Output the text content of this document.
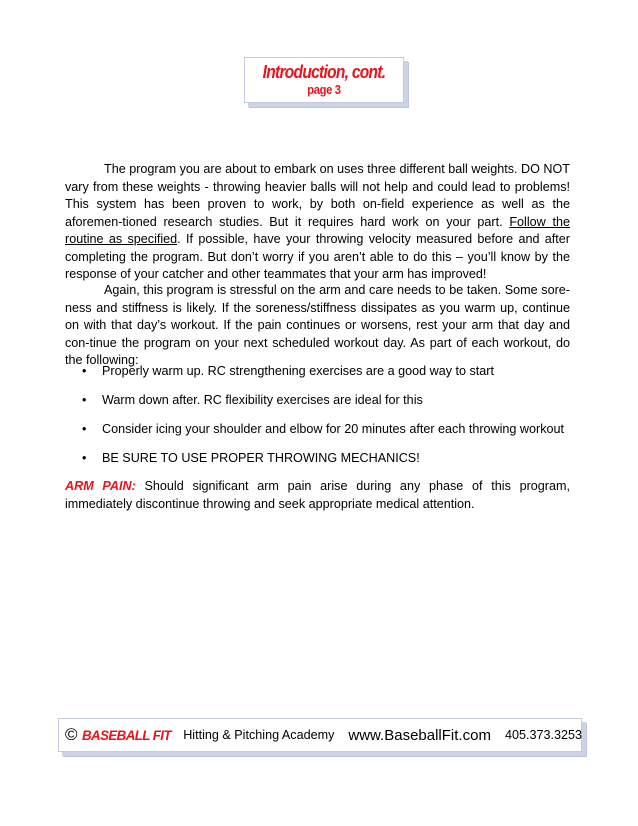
Introduction, cont.
page 3

The program you are about to embark on uses three different ball weights. DO NOT vary from these weights - throwing heavier balls will not help and could lead to problems! This system has been proven to work, by both on-field experience as well as the aforemen-tioned research studies. But it requires hard work on your part. Follow the routine as specified. If possible, have your throwing velocity measured before and after completing the program. But don’t worry if you aren’t able to do this – you’ll know by the response of your catcher and other teammates that your arm has improved!

Again, this program is stressful on the arm and care needs to be taken. Some sore-ness and stiffness is likely. If the soreness/stiffness dissipates as you warm up, continue on with that day’s workout. If the pain continues or worsens, rest your arm that day and con-tinue the program on your next scheduled workout day. As part of each workout, do the following:

•	Properly warm up. RC strengthening exercises are a good way to start
•	Warm down after. RC flexibility exercises are ideal for this
•	Consider icing your shoulder and elbow for 20 minutes after each throwing workout
•	BE SURE TO USE PROPER THROWING MECHANICS!

ARM PAIN: Should significant arm pain arise during any phase of this program, immediately discontinue throwing and seek appropriate medical attention.

© BASEBALL FIT Hitting & Pitching Academy www.BaseballFit.com 405.373.3253
